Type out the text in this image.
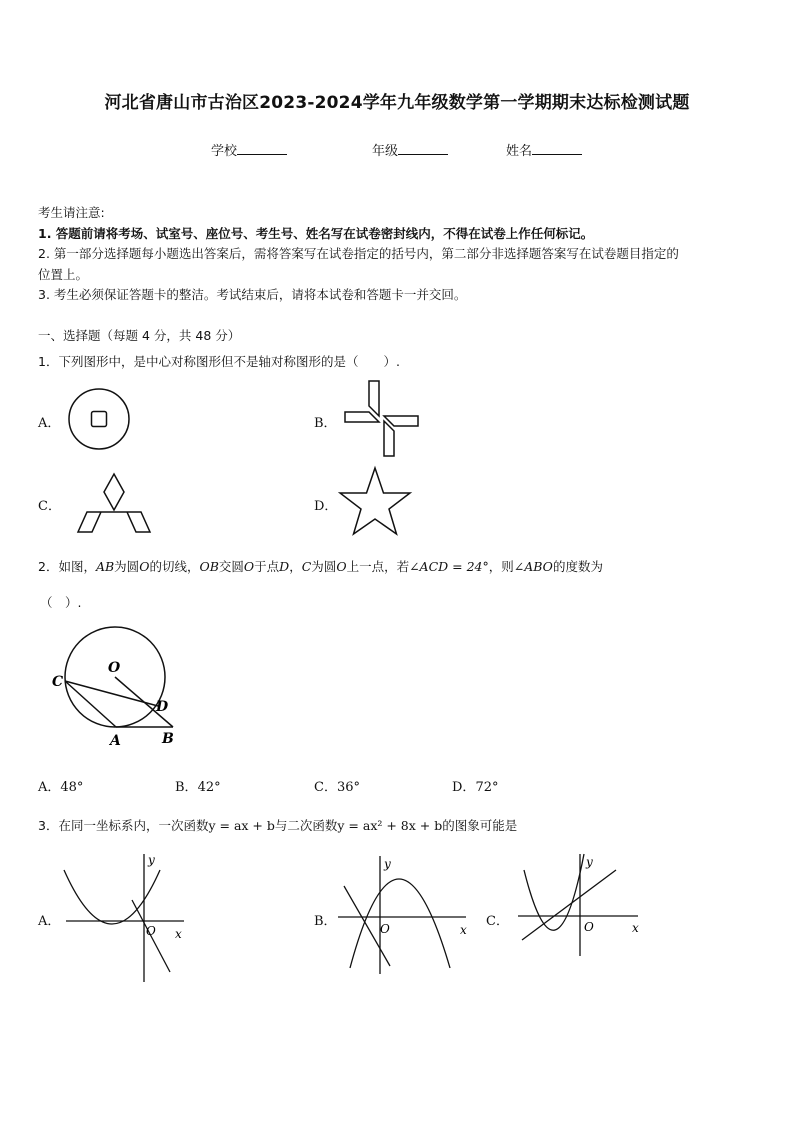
河北省唐山市古治区2023-2024学年九年级数学第一学期期末达标检测试题
学校	年级	姓名
考生请注意:
1. 答题前请将考场、试室号、座位号、考生号、姓名写在试卷密封线内，不得在试卷上作任何标记。
2. 第一部分选择题每小题选出答案后，需将答案写在试卷指定的括号内，第二部分非选择题答案写在试卷题目指定的
位置上。
3. 考生必须保证答题卡的整洁。考试结束后，请将本试卷和答题卡一并交回。
一、选择题（每题 4 分，共 48 分）
1．下列图形中，是中心对称图形但不是轴对称图形的是（　　）.
A．	B．
C．	D．
2．如图，AB为圆O的切线，OB交圆O于点D，C为圆O上一点，若∠ACD = 24°，则∠ABO的度数为
（　）.
O
C
D
A	B
A．48°	B．42°	C．36°	D．72°
3．在同一坐标系内，一次函数y = ax + b与二次函数y = ax² + 8x + b的图象可能是
A．
y
x
O
B．
y
x
O	C．
y
x
O
